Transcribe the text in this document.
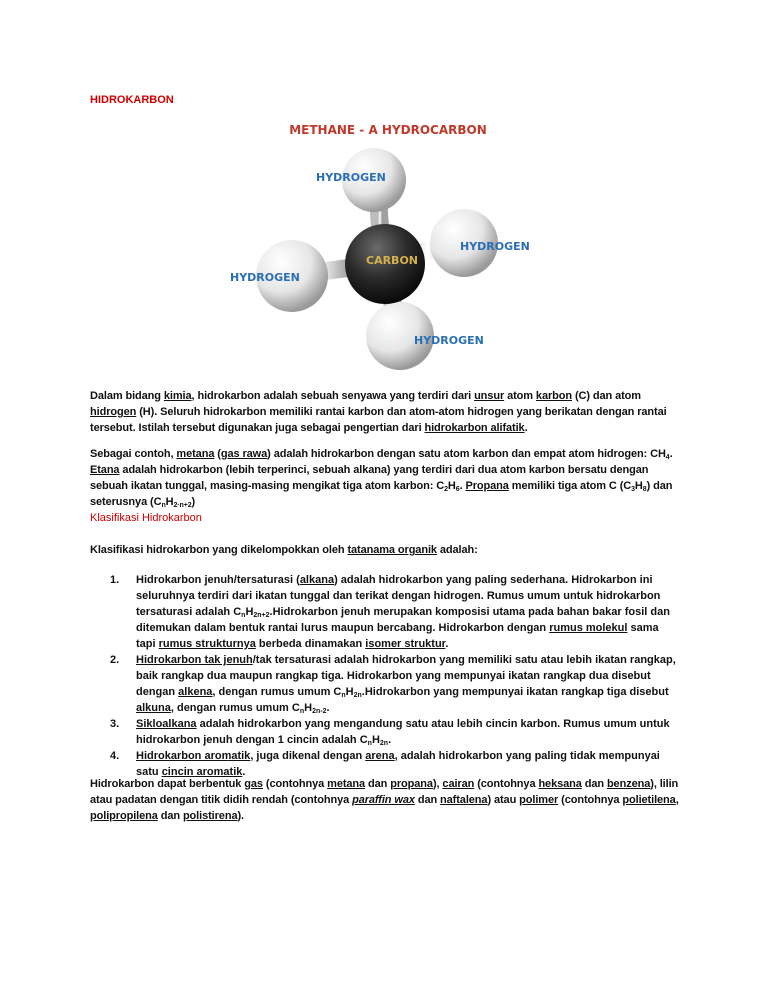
HIDROKARBON
METHANE - A HYDROCARBON
CARBON
HYDROGEN
HYDROGEN
HYDROGEN
HYDROGEN
Dalam bidang kimia, hidrokarbon adalah sebuah senyawa yang terdiri dari unsur atom karbon (C) dan atom hidrogen (H). Seluruh hidrokarbon memiliki rantai karbon dan atom-atom hidrogen yang berikatan dengan rantai tersebut. Istilah tersebut digunakan juga sebagai pengertian dari hidrokarbon alifatik.
Sebagai contoh, metana (gas rawa) adalah hidrokarbon dengan satu atom karbon dan empat atom hidrogen: $CH_4$. Etana adalah hidrokarbon (lebih terperinci, sebuah alkana) yang terdiri dari dua atom karbon bersatu dengan sebuah ikatan tunggal, masing-masing mengikat tiga atom karbon: $C_2H_6$. Propana memiliki tiga atom C $(C_3H_8)$ dan seterusnya $(C_nH_{2\cdot n+2})$
Klasifikasi Hidrokarbon
Klasifikasi hidrokarbon yang dikelompokkan oleh tatanama organik adalah:
1. Hidrokarbon jenuh/tersaturasi (alkana) adalah hidrokarbon yang paling sederhana. Hidrokarbon ini seluruhnya terdiri dari ikatan tunggal dan terikat dengan hidrogen. Rumus umum untuk hidrokarbon tersaturasi adalah $C_nH_{2n+2}.Hidrokarbon$ jenuh merupakan komposisi utama pada bahan bakar fosil dan ditemukan dalam bentuk rantai lurus maupun bercabang. Hidrokarbon dengan rumus molekul sama tapi rumus strukturnya berbeda dinamakan isomer struktur.
2. Hidrokarbon tak jenuh/tak tersaturasi adalah hidrokarbon yang memiliki satu atau lebih ikatan rangkap, baik rangkap dua maupun rangkap tiga. Hidrokarbon yang mempunyai ikatan rangkap dua disebut dengan alkena, dengan rumus umum $C_nH_{2n}.Hidrokarbon$ yang mempunyai ikatan rangkap tiga disebut alkuna, dengan rumus umum $C_nH_{2n-2}$.
3. Sikloalkana adalah hidrokarbon yang mengandung satu atau lebih cincin karbon. Rumus umum untuk hidrokarbon jenuh dengan 1 cincin adalah $C_nH_{2n}$.
4. Hidrokarbon aromatik, juga dikenal dengan arena, adalah hidrokarbon yang paling tidak mempunyai satu cincin aromatik.
Hidrokarbon dapat berbentuk gas (contohnya metana dan propana), cairan (contohnya heksana dan benzena), lilin atau padatan dengan titik didih rendah (contohnya paraffin wax dan naftalena) atau polimer (contohnya polietilena, polipropilena dan polistirena).
